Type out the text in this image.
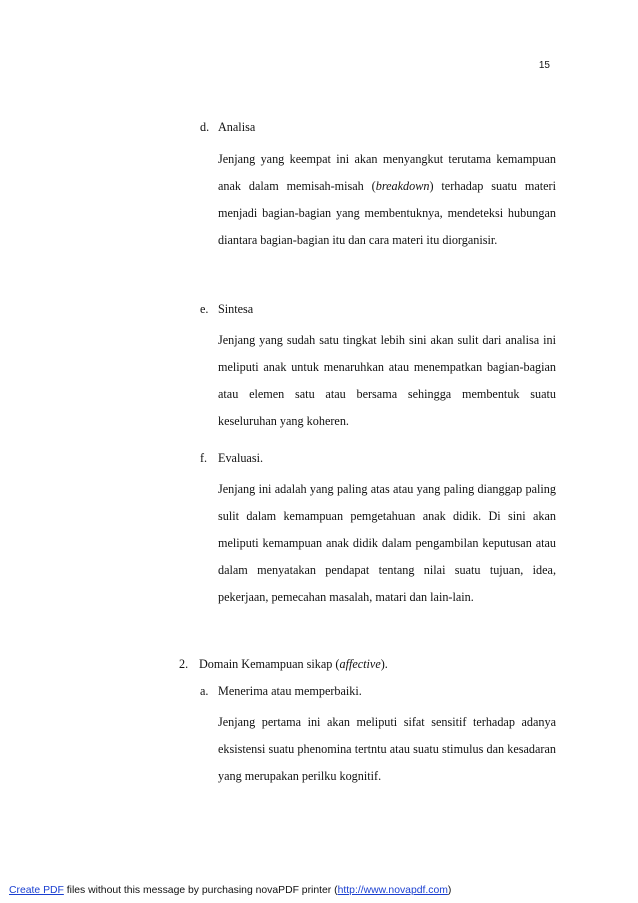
15
d. Analisa

Jenjang yang keempat ini akan menyangkut terutama kemampuan anak dalam memisah-misah (breakdown) terhadap suatu materi menjadi bagian-bagian yang membentuknya, mendeteksi hubungan diantara bagian-bagian itu dan cara materi itu diorganisir.

e. Sintesa

Jenjang yang sudah satu tingkat lebih sini akan sulit dari analisa ini meliputi anak untuk menaruhkan atau menempatkan bagian-bagian atau elemen satu atau bersama sehingga membentuk suatu keseluruhan yang koheren.

f. Evaluasi.

Jenjang ini adalah yang paling atas atau yang paling dianggap paling sulit dalam kemampuan pemgetahuan anak didik. Di sini akan meliputi kemampuan anak didik dalam pengambilan keputusan atau dalam menyatakan pendapat tentang nilai suatu tujuan, idea, pekerjaan, pemecahan masalah, matari dan lain-lain.

2. Domain Kemampuan sikap (affective).
a. Menerima atau memperbaiki.

Jenjang pertama ini akan meliputi sifat sensitif terhadap adanya eksistensi suatu phenomina tertntu atau suatu stimulus dan kesadaran yang merupakan perilku kognitif.

Create PDF files without this message by purchasing novaPDF printer (http://www.novapdf.com)
